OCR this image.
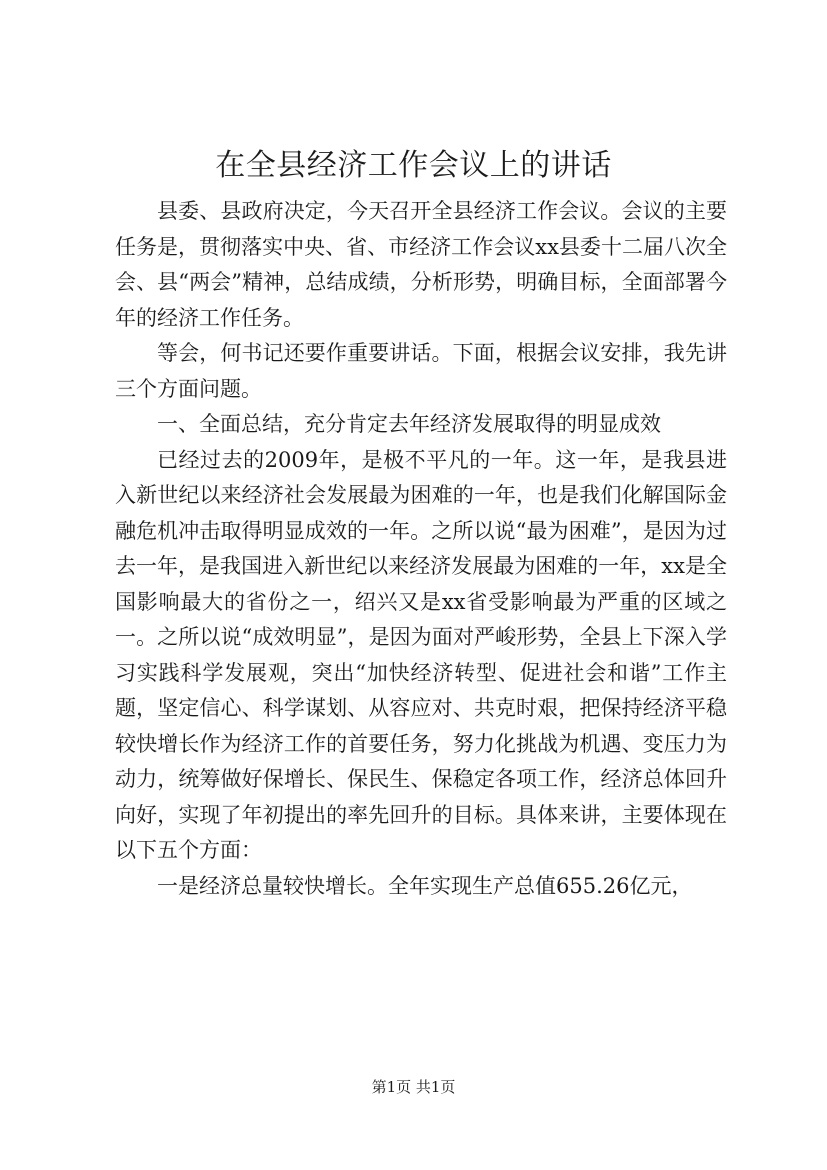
在全县经济工作会议上的讲话

县委、县政府决定，今天召开全县经济工作会议。会议的主要任务是，贯彻落实中央、省、市经济工作会议xx县委十二届八次全会、县“两会”精神，总结成绩，分析形势，明确目标，全面部署今年的经济工作任务。

等会，何书记还要作重要讲话。下面，根据会议安排，我先讲三个方面问题。

一、全面总结，充分肯定去年经济发展取得的明显成效

已经过去的2009年，是极不平凡的一年。这一年，是我县进入新世纪以来经济社会发展最为困难的一年，也是我们化解国际金融危机冲击取得明显成效的一年。之所以说“最为困难”，是因为过去一年，是我国进入新世纪以来经济发展最为困难的一年，xx是全国影响最大的省份之一，绍兴又是xx省受影响最为严重的区域之一。之所以说“成效明显”，是因为面对严峻形势，全县上下深入学习实践科学发展观，突出“加快经济转型、促进社会和谐”工作主题，坚定信心、科学谋划、从容应对、共克时艰，把保持经济平稳较快增长作为经济工作的首要任务，努力化挑战为机遇、变压力为动力，统筹做好保增长、保民生、保稳定各项工作，经济总体回升向好，实现了年初提出的率先回升的目标。具体来讲，主要体现在以下五个方面：

一是经济总量较快增长。全年实现生产总值655.26亿元，

第1页 共1页
